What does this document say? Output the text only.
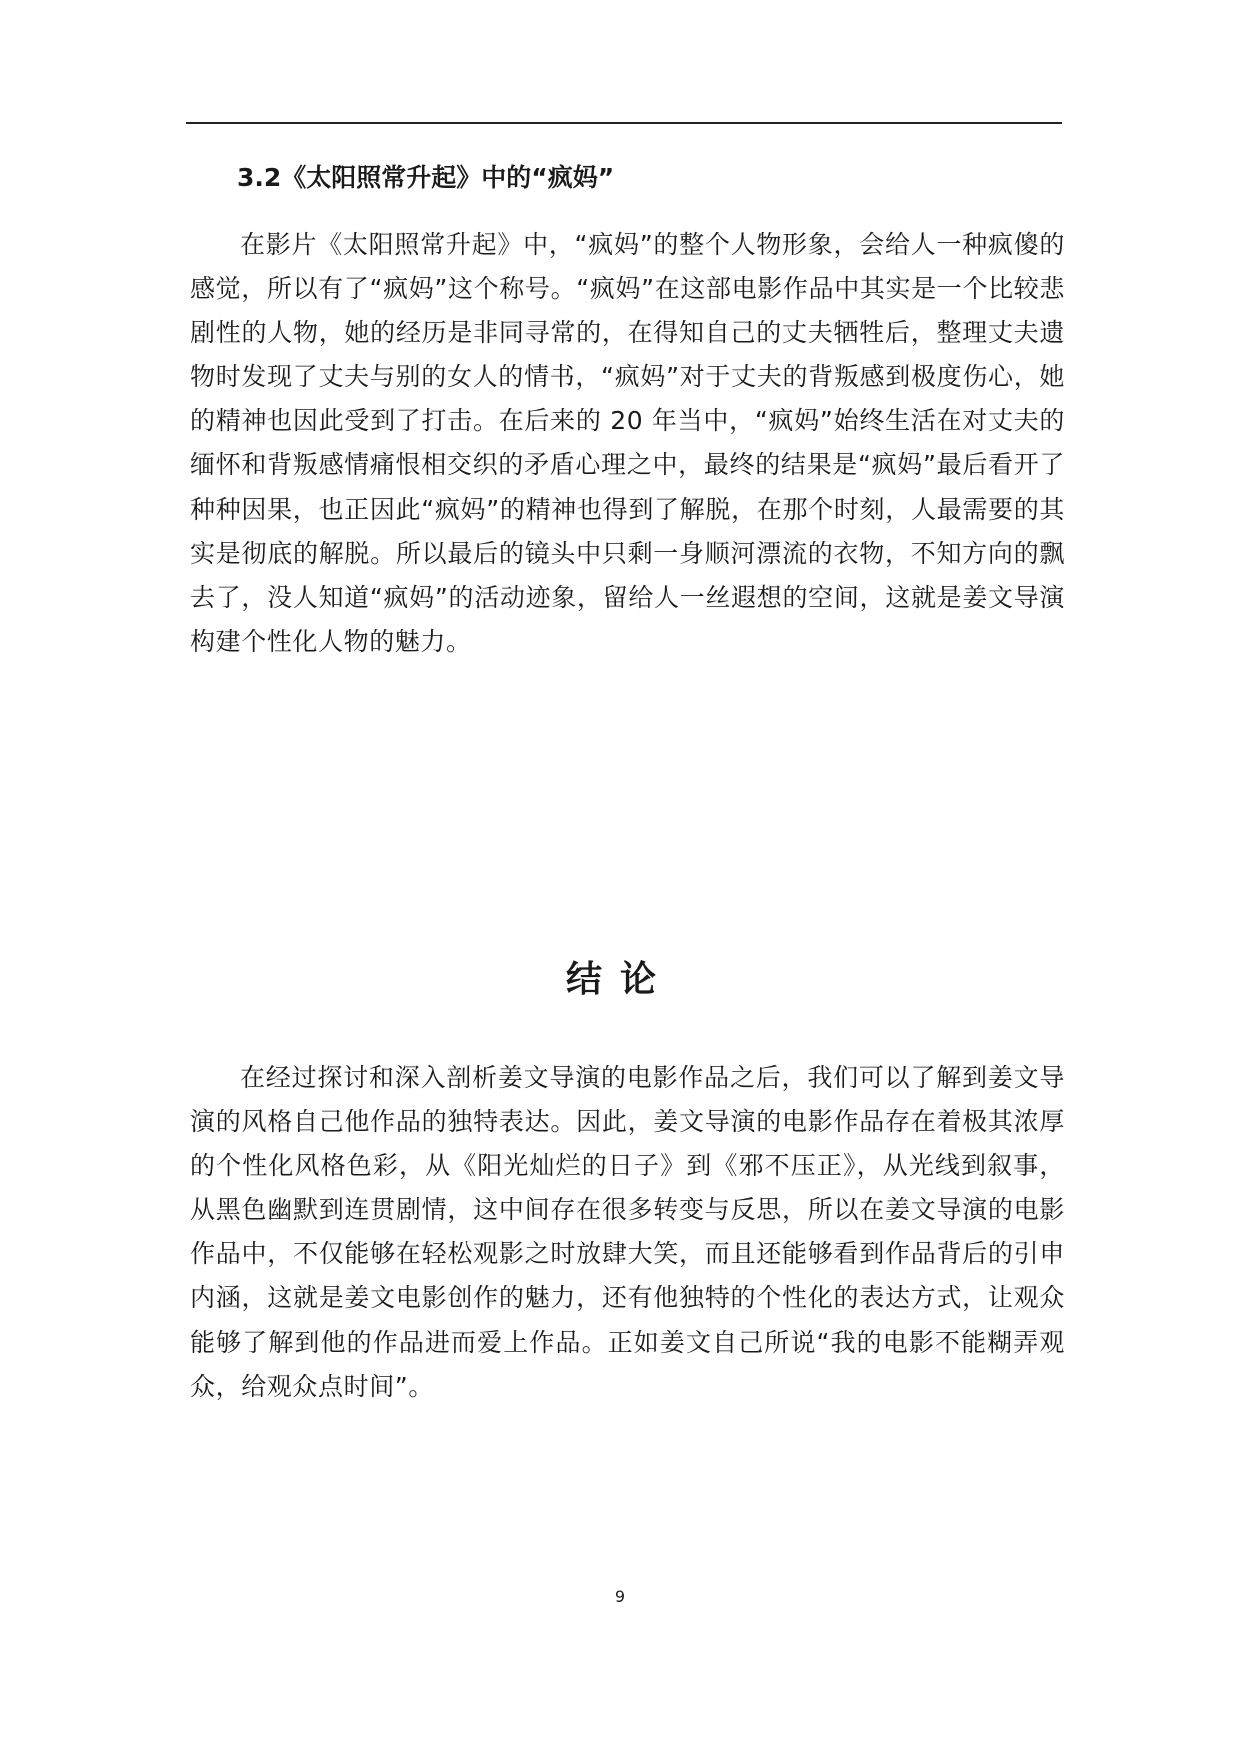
3.2《太阳照常升起》中的“疯妈”

在影片《太阳照常升起》中，“疯妈”的整个人物形象，会给人一种疯傻的感觉，所以有了“疯妈”这个称号。“疯妈”在这部电影作品中其实是一个比较悲剧性的人物，她的经历是非同寻常的，在得知自己的丈夫牺牲后，整理丈夫遗物时发现了丈夫与别的女人的情书，“疯妈”对于丈夫的背叛感到极度伤心，她的精神也因此受到了打击。在后来的 20 年当中，“疯妈”始终生活在对丈夫的缅怀和背叛感情痛恨相交织的矛盾心理之中，最终的结果是“疯妈”最后看开了种种因果，也正因此“疯妈”的精神也得到了解脱，在那个时刻，人最需要的其实是彻底的解脱。所以最后的镜头中只剩一身顺河漂流的衣物，不知方向的飘去了，没人知道“疯妈”的活动迹象，留给人一丝遐想的空间，这就是姜文导演构建个性化人物的魅力。

结论

在经过探讨和深入剖析姜文导演的电影作品之后，我们可以了解到姜文导演的风格自己他作品的独特表达。因此，姜文导演的电影作品存在着极其浓厚的个性化风格色彩，从《阳光灿烂的日子》到《邪不压正》，从光线到叙事，从黑色幽默到连贯剧情，这中间存在很多转变与反思，所以在姜文导演的电影作品中，不仅能够在轻松观影之时放肆大笑，而且还能够看到作品背后的引申内涵，这就是姜文电影创作的魅力，还有他独特的个性化的表达方式，让观众能够了解到他的作品进而爱上作品。正如姜文自己所说“我的电影不能糊弄观众，给观众点时间”。

9
